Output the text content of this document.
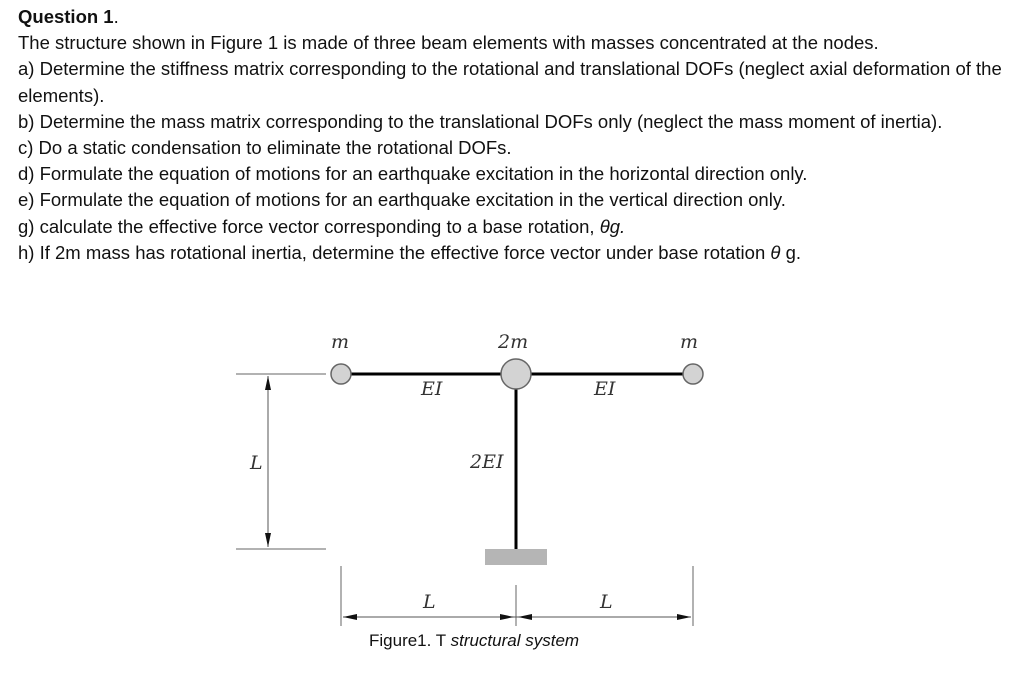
Question 1.

The structure shown in Figure 1 is made of three beam elements with masses concentrated at the nodes.

a) Determine the stiffness matrix corresponding to the rotational and translational DOFs (neglect axial deformation of the elements).

b) Determine the mass matrix corresponding to the translational DOFs only (neglect the mass moment of inertia).

c) Do a static condensation to eliminate the rotational DOFs.

d) Formulate the equation of motions for an earthquake excitation in the horizontal direction only.

e) Formulate the equation of motions for an earthquake excitation in the vertical direction only.

g) calculate the effective force vector corresponding to a base rotation, θg.

h) If 2m mass has rotational inertia, determine the effective force vector under base rotation θ g.

L
m	2m	m
EI	EI
2EI
L	L
Figure1. T structural system
